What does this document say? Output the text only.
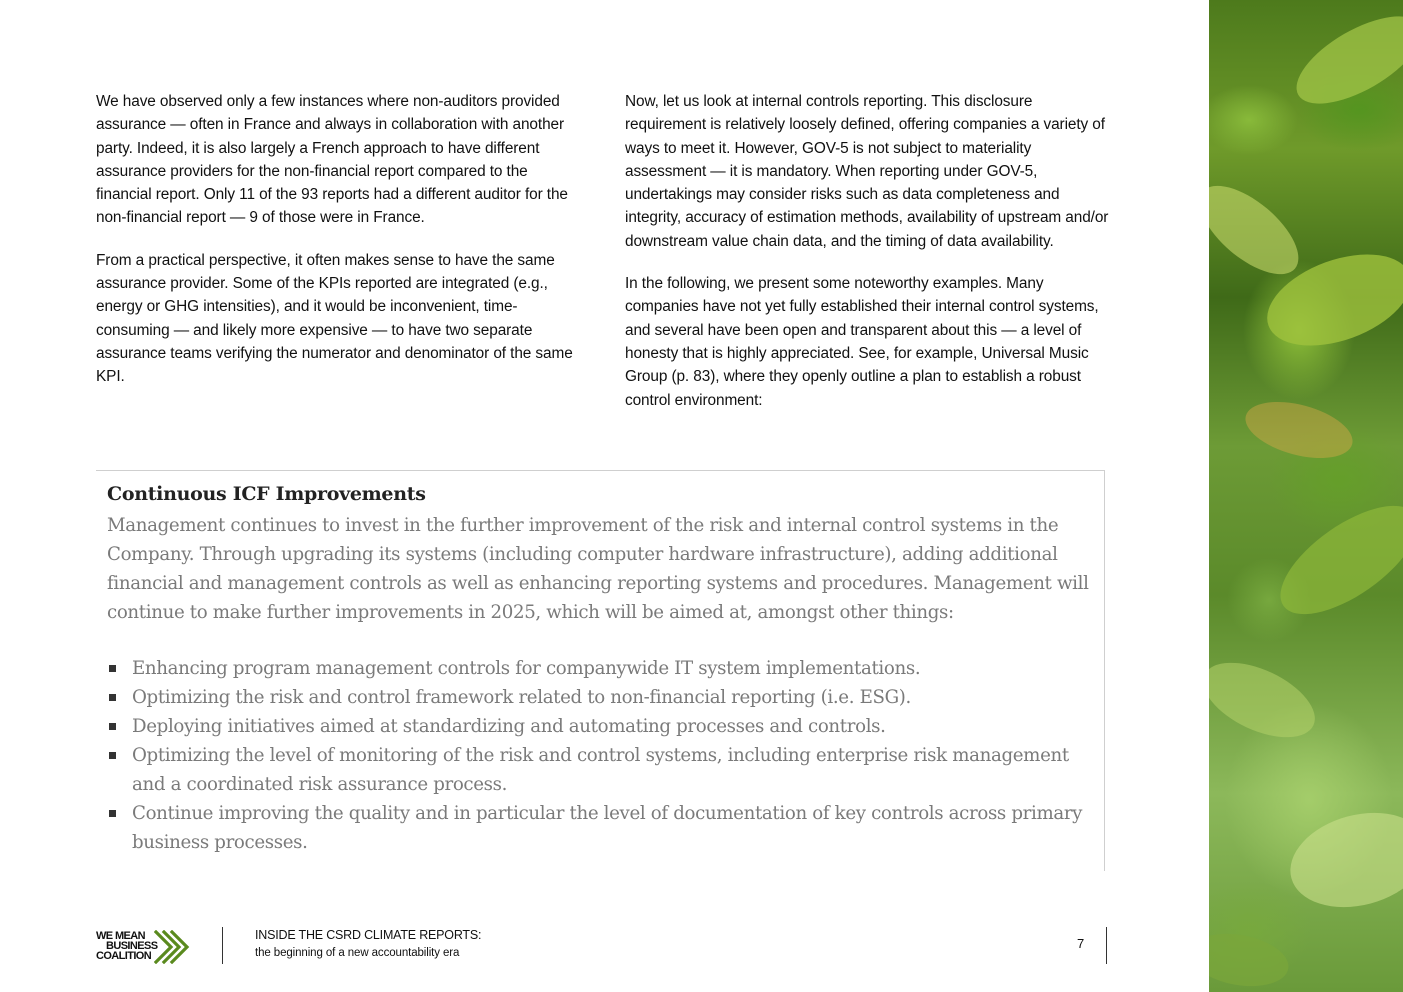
We have observed only a few instances where non-auditors provided assurance — often in France and always in collaboration with another party. Indeed, it is also largely a French approach to have different assurance providers for the non-financial report compared to the financial report. Only 11 of the 93 reports had a different auditor for the non-financial report — 9 of those were in France.

From a practical perspective, it often makes sense to have the same assurance provider. Some of the KPIs reported are integrated (e.g., energy or GHG intensities), and it would be inconvenient, time-consuming — and likely more expensive — to have two separate assurance teams verifying the numerator and denominator of the same KPI.

Now, let us look at internal controls reporting. This disclosure requirement is relatively loosely defined, offering companies a variety of ways to meet it. However, GOV-5 is not subject to materiality assessment — it is mandatory. When reporting under GOV-5, undertakings may consider risks such as data completeness and integrity, accuracy of estimation methods, availability of upstream and/or downstream value chain data, and the timing of data availability.

In the following, we present some noteworthy examples. Many companies have not yet fully established their internal control systems, and several have been open and transparent about this — a level of honesty that is highly appreciated. See, for example, Universal Music Group (p. 83), where they openly outline a plan to establish a robust control environment:

Continuous ICF Improvements

Management continues to invest in the further improvement of the risk and internal control systems in the Company. Through upgrading its systems (including computer hardware infrastructure), adding additional financial and management controls as well as enhancing reporting systems and procedures. Management will continue to make further improvements in 2025, which will be aimed at, amongst other things:

Enhancing program management controls for companywide IT system implementations.
Optimizing the risk and control framework related to non-financial reporting (i.e. ESG).
Deploying initiatives aimed at standardizing and automating processes and controls.
Optimizing the level of monitoring of the risk and control systems, including enterprise risk management and a coordinated risk assurance process.
Continue improving the quality and in particular the level of documentation of key controls across primary business processes.
WE MEAN
BUSINESS
COALITION
INSIDE THE CSRD CLIMATE REPORTS:
the beginning of a new accountability era
7
